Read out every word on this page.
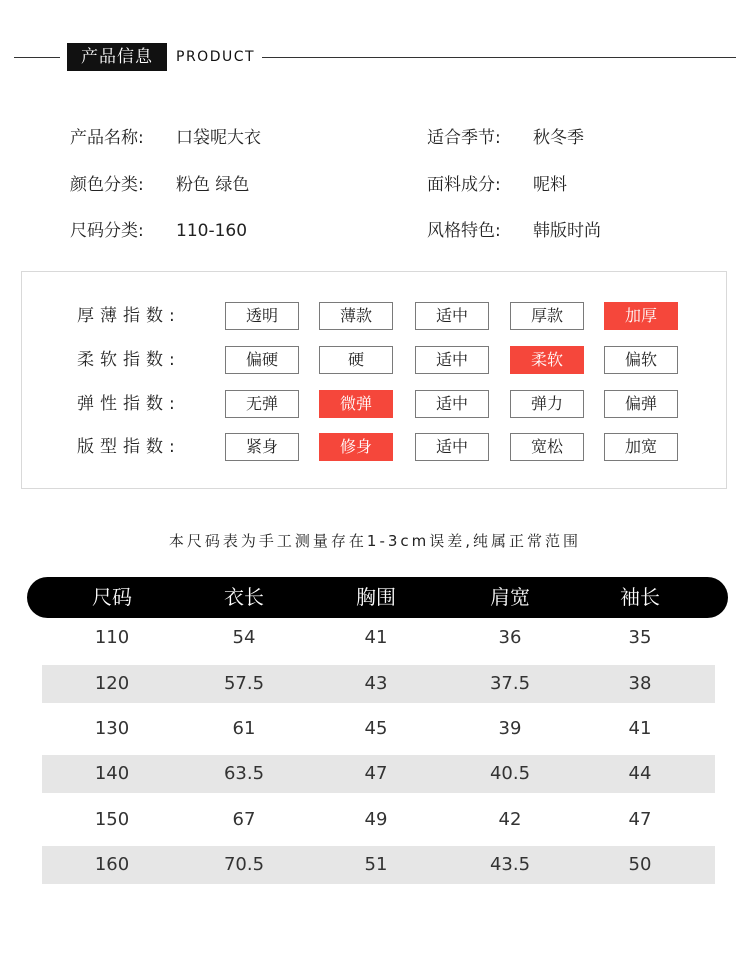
产品信息	PRODUCT
产品名称: 口袋呢大衣	适合季节: 秋冬季
颜色分类: 粉色 绿色	面料成分: 呢料
尺码分类: 110-160	风格特色: 韩版时尚
厚薄指数:	透明	薄款	适中	厚款	加厚
柔软指数:	偏硬	硬	适中	柔软	偏软
弹性指数:	无弹	微弹	适中	弹力	偏弹
版型指数:	紧身	修身	适中	宽松	加宽
本尺码表为手工测量存在1-3cm误差,纯属正常范围
尺码	衣长	胸围	肩宽	袖长
110	54	41	36	35
120	57.5	43	37.5	38
130	61	45	39	41
140	63.5	47	40.5	44
150	67	49	42	47
160	70.5	51	43.5	50
